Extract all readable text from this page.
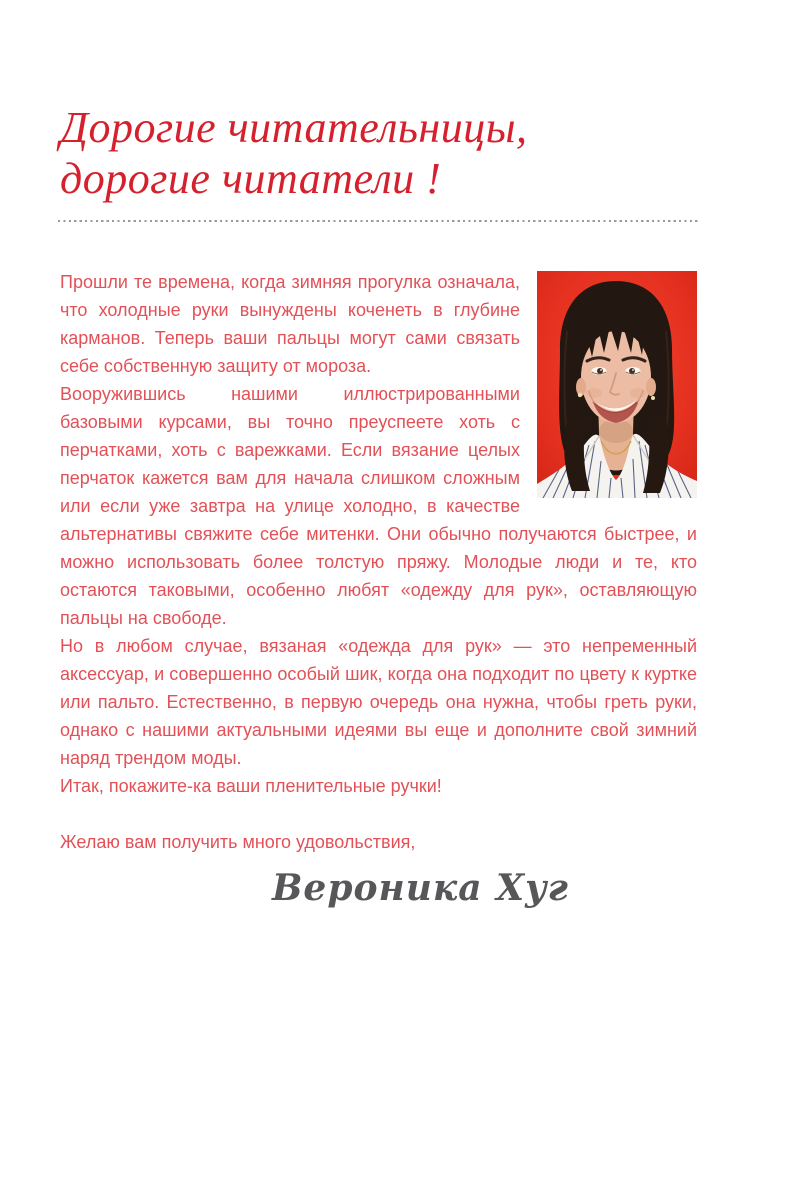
Дорогие читательницы,
дорогие читатели !

Прошли те времена, когда зимняя прогулка означала, что холодные руки вынуждены коченеть в глубине карманов. Теперь ваши пальцы могут сами связать себе собственную защиту от мороза.

Вооружившись нашими иллюстрированными базовыми курсами, вы точно преуспеете хоть с перчатками, хоть с варежками. Если вязание целых перчаток кажется вам для начала слишком сложным или если уже завтра на улице холодно, в качестве альтернативы свяжите себе митенки. Они обычно получаются быстрее, и можно использовать более толстую пряжу. Молодые люди и те, кто остаются таковыми, особенно любят «одежду для рук», оставляющую пальцы на свободе.

Но в любом случае, вязаная «одежда для рук» — это непременный аксессуар, и совершенно особый шик, когда она подходит по цвету к куртке или пальто. Естественно, в первую очередь она нужна, чтобы греть руки, однако с нашими актуальными идеями вы еще и дополните свой зимний наряд трендом моды.

Итак, покажите-ка ваши пленительные ручки!

Желаю вам получить много удовольствия,

Вероника Хуг
